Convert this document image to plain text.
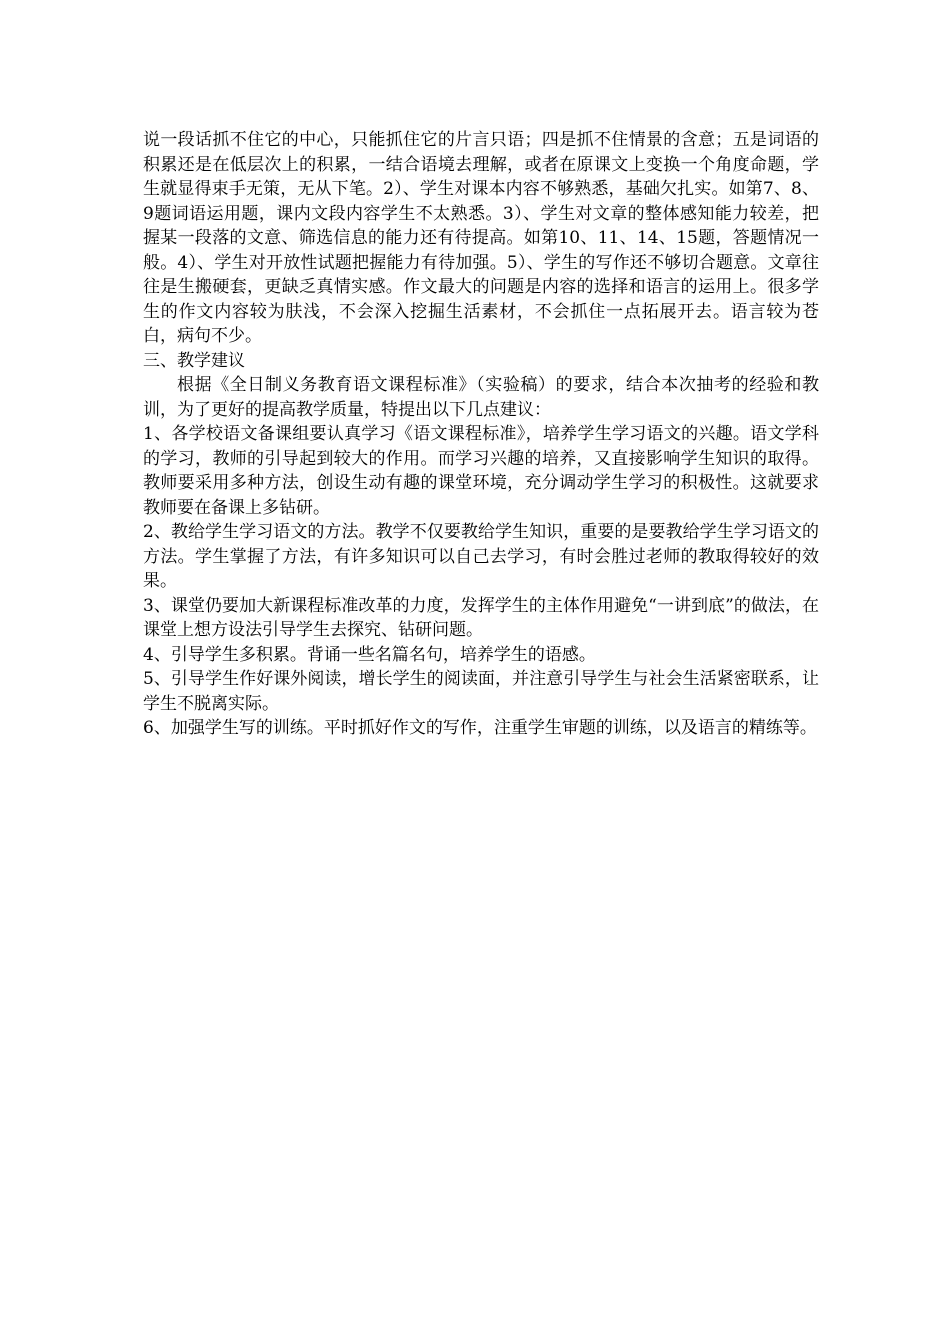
说一段话抓不住它的中心，只能抓住它的片言只语；四是抓不住情景的含意；五是词语的积累还是在低层次上的积累，一结合语境去理解，或者在原课文上变换一个角度命题，学生就显得束手无策，无从下笔。2）、学生对课本内容不够熟悉，基础欠扎实。如第7、8、9题词语运用题，课内文段内容学生不太熟悉。3）、学生对文章的整体感知能力较差，把握某一段落的文意、筛选信息的能力还有待提高。如第10、11、14、15题，答题情况一般。4）、学生对开放性试题把握能力有待加强。5）、学生的写作还不够切合题意。文章往往是生搬硬套，更缺乏真情实感。作文最大的问题是内容的选择和语言的运用上。很多学生的作文内容较为肤浅，不会深入挖掘生活素材，不会抓住一点拓展开去。语言较为苍白，病句不少。

三、教学建议

根据《全日制义务教育语文课程标准》（实验稿）的要求，结合本次抽考的经验和教训，为了更好的提高教学质量，特提出以下几点建议：

1、各学校语文备课组要认真学习《语文课程标准》，培养学生学习语文的兴趣。语文学科的学习，教师的引导起到较大的作用。而学习兴趣的培养，又直接影响学生知识的取得。教师要采用多种方法，创设生动有趣的课堂环境，充分调动学生学习的积极性。这就要求教师要在备课上多钻研。

2、教给学生学习语文的方法。教学不仅要教给学生知识，重要的是要教给学生学习语文的方法。学生掌握了方法，有许多知识可以自己去学习，有时会胜过老师的教取得较好的效果。

3、课堂仍要加大新课程标准改革的力度，发挥学生的主体作用避免“一讲到底”的做法，在课堂上想方设法引导学生去探究、钻研问题。

4、引导学生多积累。背诵一些名篇名句，培养学生的语感。

5、引导学生作好课外阅读，增长学生的阅读面，并注意引导学生与社会生活紧密联系，让学生不脱离实际。

6、加强学生写的训练。平时抓好作文的写作，注重学生审题的训练，以及语言的精练等。
